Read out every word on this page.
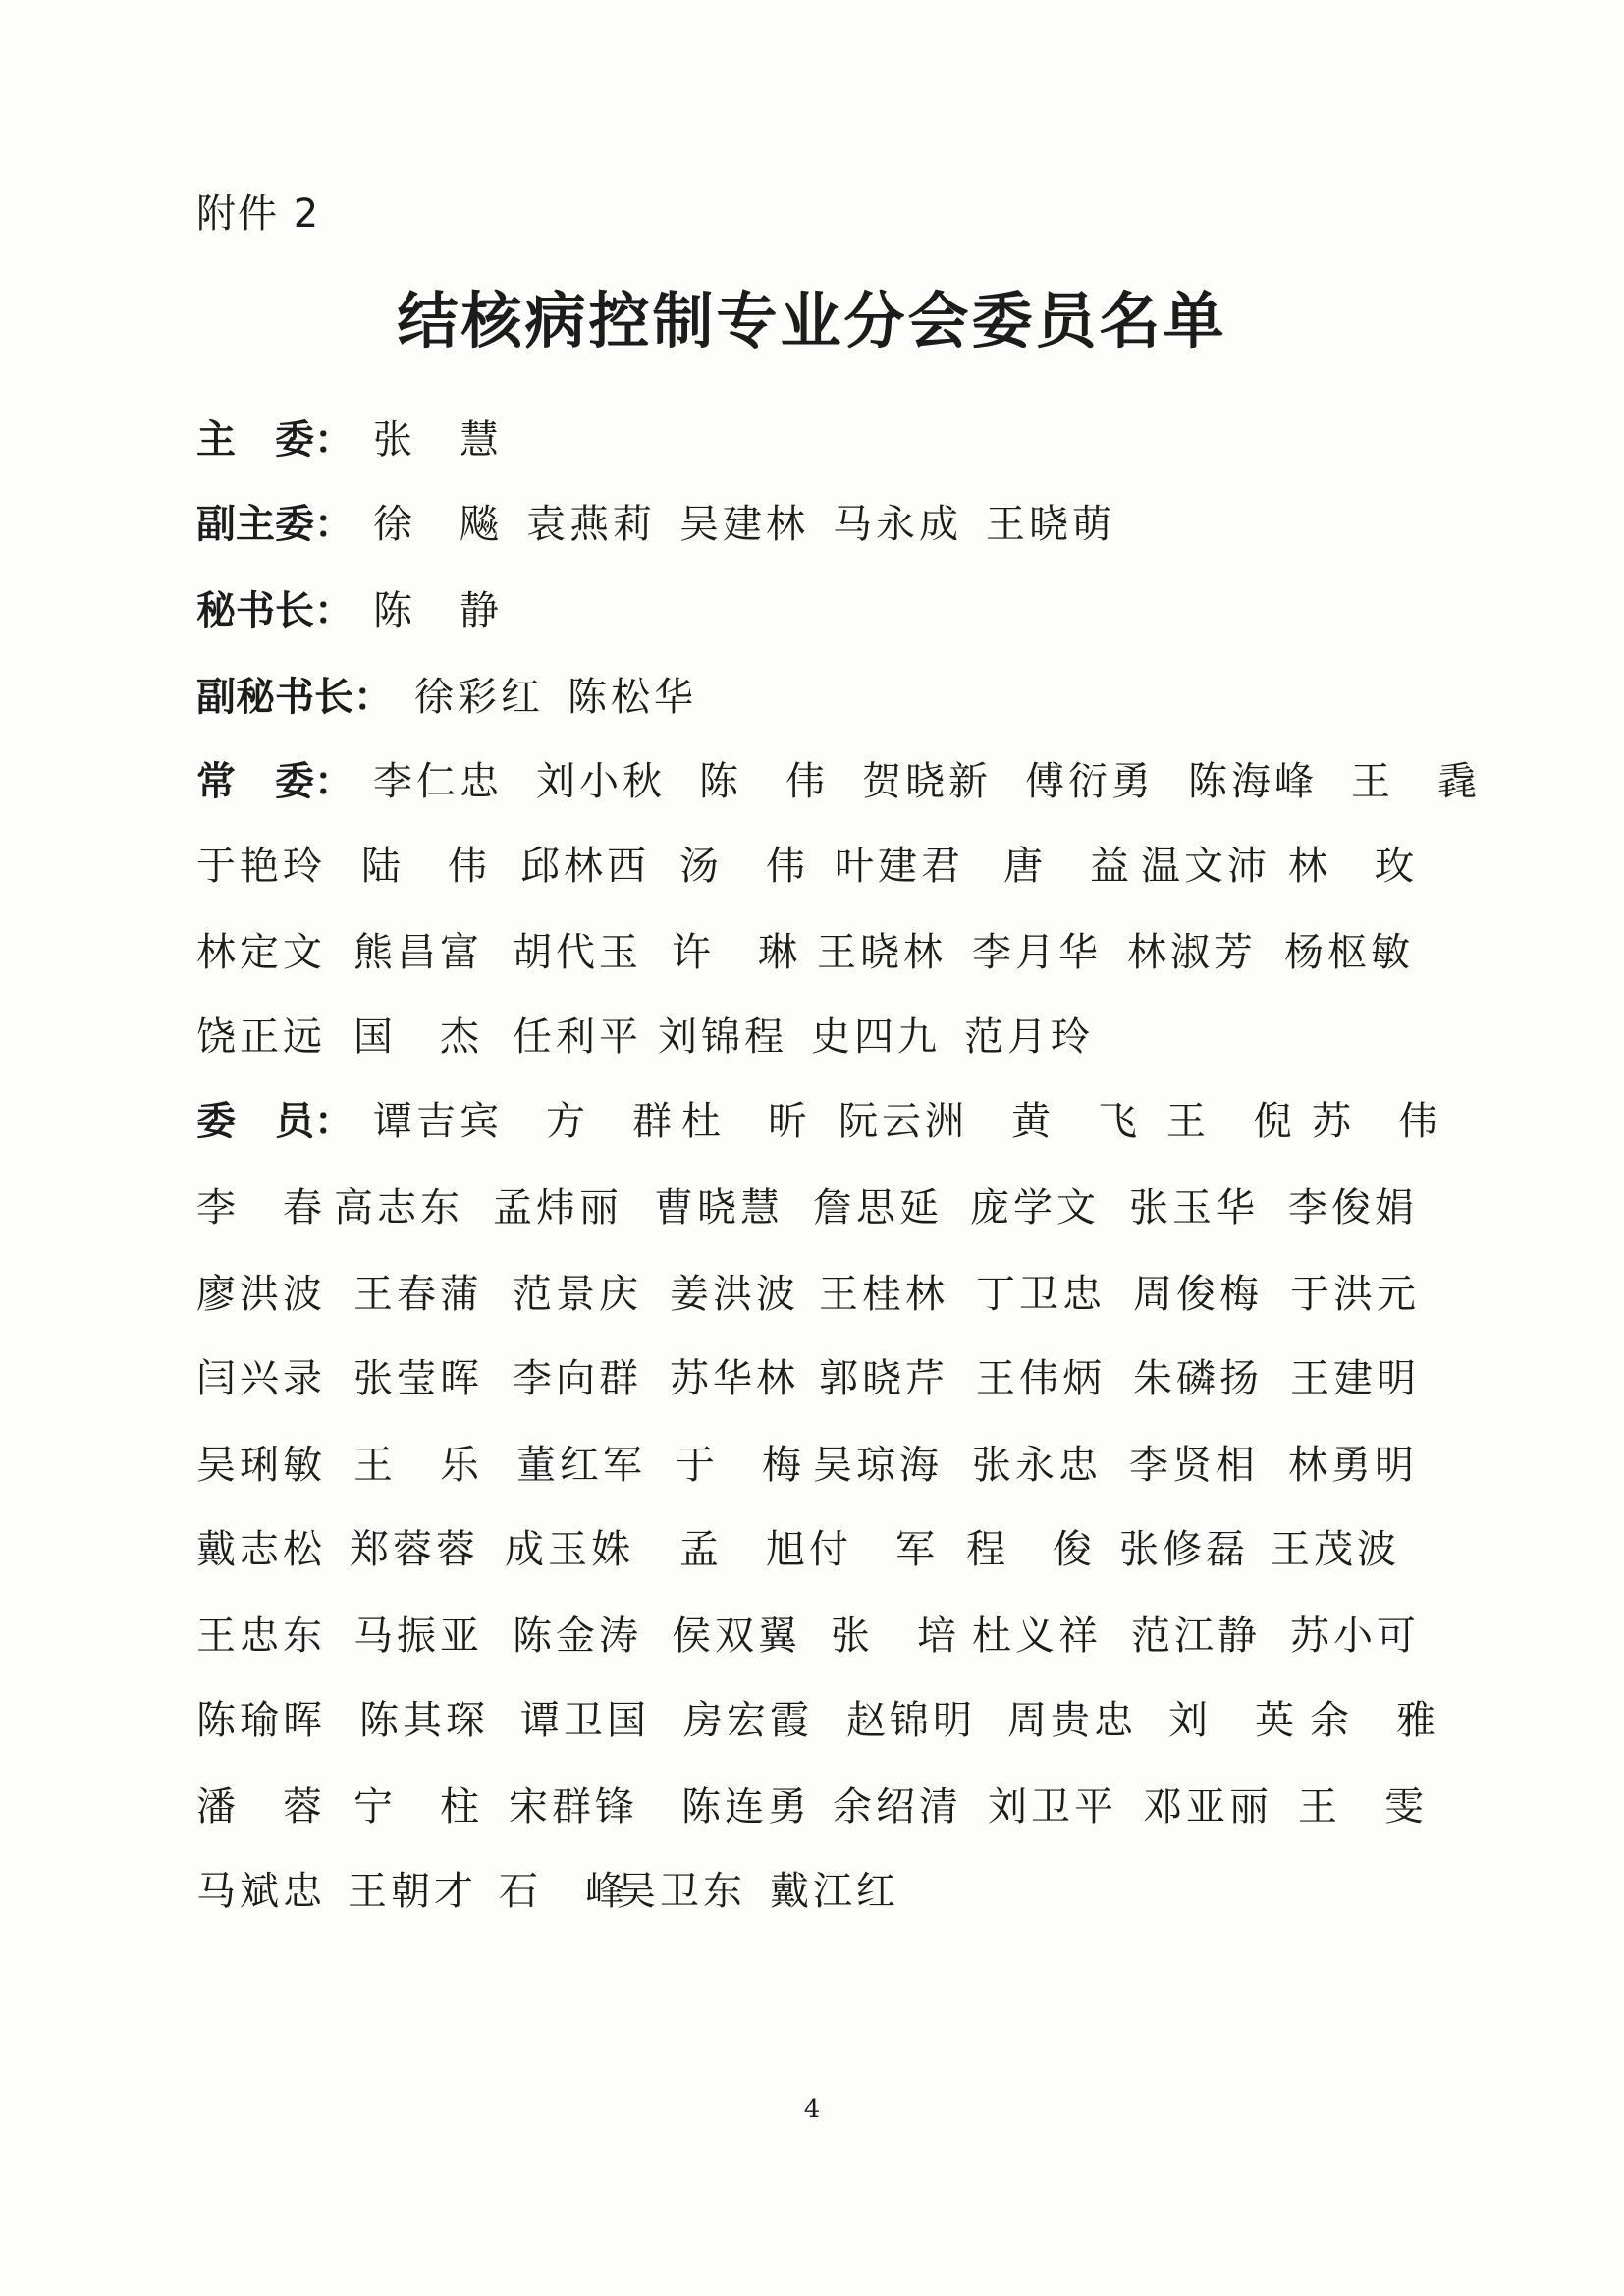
附件 2
结核病控制专业分会委员名单
主　委： 张　慧
副主委： 徐　飚 袁燕莉 吴建林 马永成 王晓萌
秘书长： 陈　静
副秘书长： 徐彩红 陈松华
常　委： 李仁忠 刘小秋 陈　伟 贺晓新 傅衍勇 陈海峰 王　毳
于艳玲 陆　伟 邱林西 汤　伟 叶建君 唐　益 温文沛 林　玫
林定文 熊昌富 胡代玉 许　琳 王晓林 李月华 林淑芳 杨枢敏
饶正远 国　杰 任利平 刘锦程 史四九 范月玲
委　员： 谭吉宾 方　群 杜　昕 阮云洲 黄　飞 王　倪 苏　伟
李　春 高志东 孟炜丽 曹晓慧 詹思延 庞学文 张玉华 李俊娟
廖洪波 王春蒲 范景庆 姜洪波 王桂林 丁卫忠 周俊梅 于洪元
闫兴录 张莹晖 李向群 苏华林 郭晓芹 王伟炳 朱磷扬 王建明
吴琍敏 王　乐 董红军 于　梅 吴琼海 张永忠 李贤相 林勇明
戴志松 郑蓉蓉 成玉姝 孟　旭 付　军 程　俊 张修磊 王茂波
王忠东 马振亚 陈金涛 侯双翼 张　培 杜义祥 范江静 苏小可
陈瑜晖 陈其琛 谭卫国 房宏霞 赵锦明 周贵忠 刘　英 余　雅
潘　蓉 宁　柱 宋群锋 陈连勇 余绍清 刘卫平 邓亚丽 王　雯
马斌忠 王朝才 石　峰
吴卫东 戴江红
4
